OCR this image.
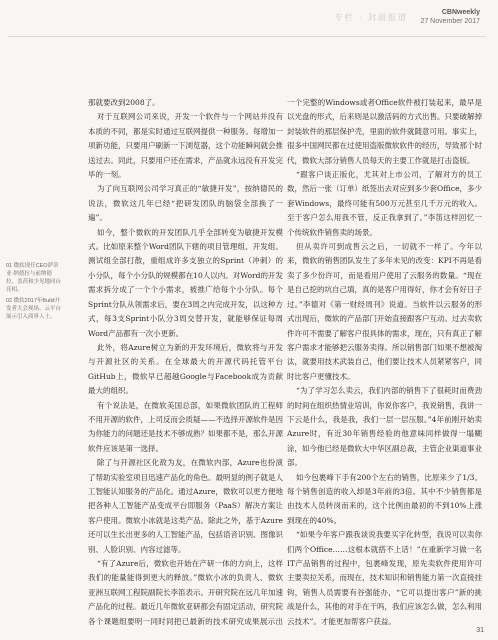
专栏 · 封面报道
CBNweekly
27 November 2017
01 微软现任CEO萨蒂亚·纳德拉与前纳德拉，盖茨和少见地同台亮相。
02 微软2017年Build开发者大会现场。云平台展示引入商界人士。

那就要改到2008了。

对于互联网公司来说，开发一个软件与一个网站并没有本质的不同，都是实时通过互联网提供一种服务。每增加一项新功能，只要用户刷新一下浏览器，这个功能瞬间就会推送过去。同此，只要用户还在需求，产品就永远没有开发完毕的一刻。

为了向互联网公司学习真正的“敏捷开发”，按纳德民的说法，微软这几年已经“把研发团队的脑袋全部换了一遍”。

如今，整个微软的开发团队几乎全部转变为敏捷开发模式。比如原来整个Word团队下辖的项目管理组、开发组、测试组全部打散，重组成许多支独立的Sprint（冲刺）的小分队，每个小分队的规模都在10人以内。对Word的开发需求拆分成了一个个小需求，被推广给每个小分队。每个Sprint分队从领需求后，要在3周之内完成开发，以这种方式，每3支Sprint小队分3周交替开发，就能够保证每周Word产品都有一次小更新。

此外，将Azure树立为新的开发环境后，微软将与开发与开源社区的关系。在全球最大的开源代码托管平台GitHub上，微软早已超越Google与Facebook成为贡献最大的组织。

有个说法是，在微软美国总部，如果微软团队的工程师不用开源的软件，上司反而会质疑——不选择开源软件是因为你能力的问题还是技术不够成熟？如果都不是，那么开源软件应该是第一选择。

除了与开源社区化敌为友，在微软内部，Azure也扮演了帮助实验室项目迅速产品化的角色。最明显的例子就是人工智能认知服务的产品化。通过Azure，微软可以更方便地把各种人工智能产品变成平台即服务（PaaS）解决方案让客户使用。微软小冰就是这类产品。除此之外，基于Azure还可以生长出更多的人工智能产品，包括语音识别、图像识别、人脸识别、内容过滤等。

“有了Azure后，微软也开始在产研一体的方向上，这样我们的能量能得到更大的释放。”微软小冰的负责人、微软亚洲互联网工程院副院长李笛表示。开研究院在远几年加速产品化的过程。最近几年微软亚研都会有固定活动，研究院各个课题组要明一同时同把已最新的技术研究成果展示出

一个完整的Windows或者Office软件被打装起来，最早是以光盘的形式，后来则是以激活码的方式出售。只要破解掉封装软件的那层保护壳，里面的软件就随意可用。事实上，很多中国网民都在过使用盗版微软软件的经历，导致那个时代，微软大部分销售人员每天的主要工作就是打击盗版。

“跟客户谈正版化，尤其对上市公司，了解对方的员工数，然后一张（订单）纸签出去对应到多少套Office，多少套Windows，最终可能有500万元甚至几千万元的收入。至于客户怎么用我不管，反正我拿到了。”李笛这样回忆一个传统软件销售卖的场景。

但从卖许可到成售云之后，一切就不一样了。今年以来，微软的销售团队发生了多年未见的改变：KPI不再是看卖了多少份许可，而是看用户使用了云服务的数量。“现在是自己挖的坑自己填，真的是客户用得好，你才会有好日子过。”李德对《第一财经周刊》说道。当软件以云服务的形式出现后，微软的产品部门开始直接跟客户互动。过去卖软件许可不需要了解客户很具体的需求，现在，只有真正了解客户需求才能够把云服务卖得。所以销售部门如果不想被淘汰，就要用技术武装自己，他们要让技术人员紧紧客户，同时比客户更懂技术。

“为了学习怎么卖云，我们内部的销售下了很耗时而费劲的时间在组织热情业培训，你说你客户，我说销售，我讲一下云是什么，我是我，我们一层一层压服。”4年前刚开始卖Azure时，有近30年销售经验的他意味同样做得一塌糊涂，如今他已经是微软大中华区副总裁，主管企业渠道事业部。

如今包裹峰下手有200个左右的销售，比原来少了1/3。每个销售创造的收入却是3年前的3倍。其中不少销售都是由技术人员转岗而来的，这个比例由最初的不到10%上涨到现在的40%。

“如果今年客户跟我谈说我要买字化转型，我说可以卖你们两个Office……这根本就搭不上话！”在重新学习做一名IT产品销售的过程中，包裹峰发现，原先卖软件使用许可主要卖拉关系，而现在，技术知识和销售能力第一次直接挂钩，销售人员需要有谷强能办，“它可以提出客户”新的挑战是什么，其他的对手在干吗，我们应该怎么做，怎么利用云技术”。才能更加帮客户获益。

31
